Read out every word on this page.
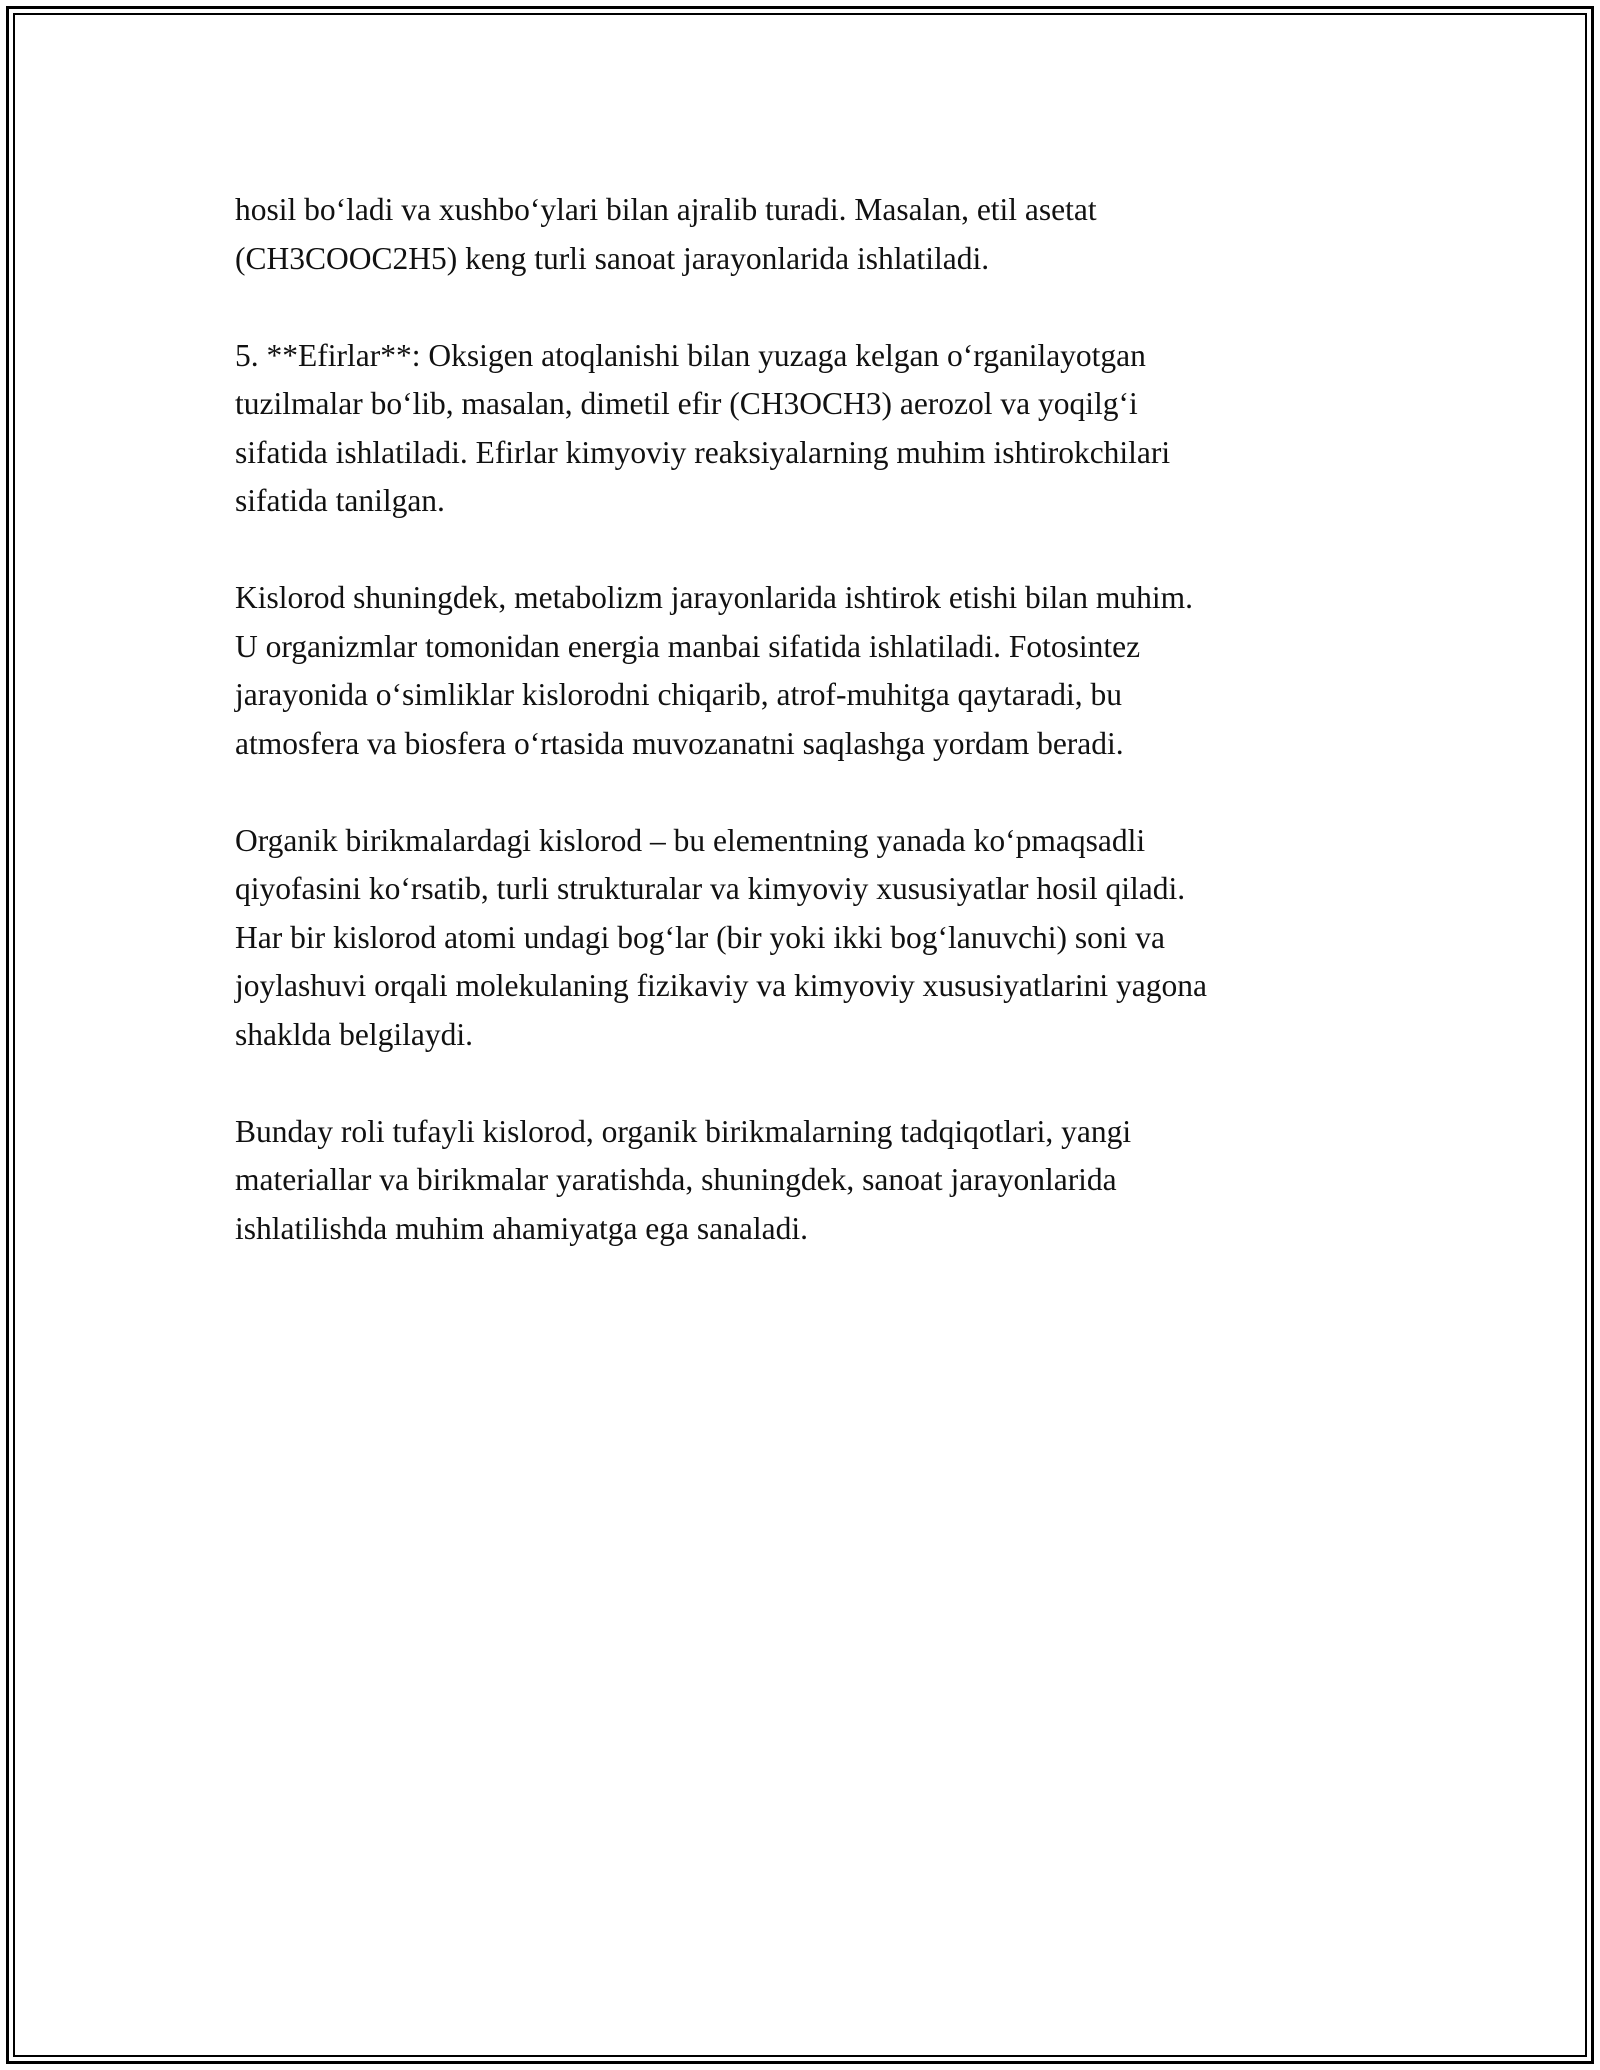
hosil bo‘ladi va xushbo‘ylari bilan ajralib turadi. Masalan, etil asetat
(CH3COOC2H5) keng turli sanoat jarayonlarida ishlatiladi.

5. **Efirlar**: Oksigen atoqlanishi bilan yuzaga kelgan o‘rganilayotgan
tuzilmalar bo‘lib, masalan, dimetil efir (CH3OCH3) aerozol va yoqilg‘i
sifatida ishlatiladi. Efirlar kimyoviy reaksiyalarning muhim ishtirokchilari
sifatida tanilgan.

Kislorod shuningdek, metabolizm jarayonlarida ishtirok etishi bilan muhim.
U organizmlar tomonidan energia manbai sifatida ishlatiladi. Fotosintez
jarayonida o‘simliklar kislorodni chiqarib, atrof-muhitga qaytaradi, bu
atmosfera va biosfera o‘rtasida muvozanatni saqlashga yordam beradi.

Organik birikmalardagi kislorod – bu elementning yanada ko‘pmaqsadli
qiyofasini ko‘rsatib, turli strukturalar va kimyoviy xususiyatlar hosil qiladi.
Har bir kislorod atomi undagi bog‘lar (bir yoki ikki bog‘lanuvchi) soni va
joylashuvi orqali molekulaning fizikaviy va kimyoviy xususiyatlarini yagona
shaklda belgilaydi.

Bunday roli tufayli kislorod, organik birikmalarning tadqiqotlari, yangi
materiallar va birikmalar yaratishda, shuningdek, sanoat jarayonlarida
ishlatilishda muhim ahamiyatga ega sanaladi.
